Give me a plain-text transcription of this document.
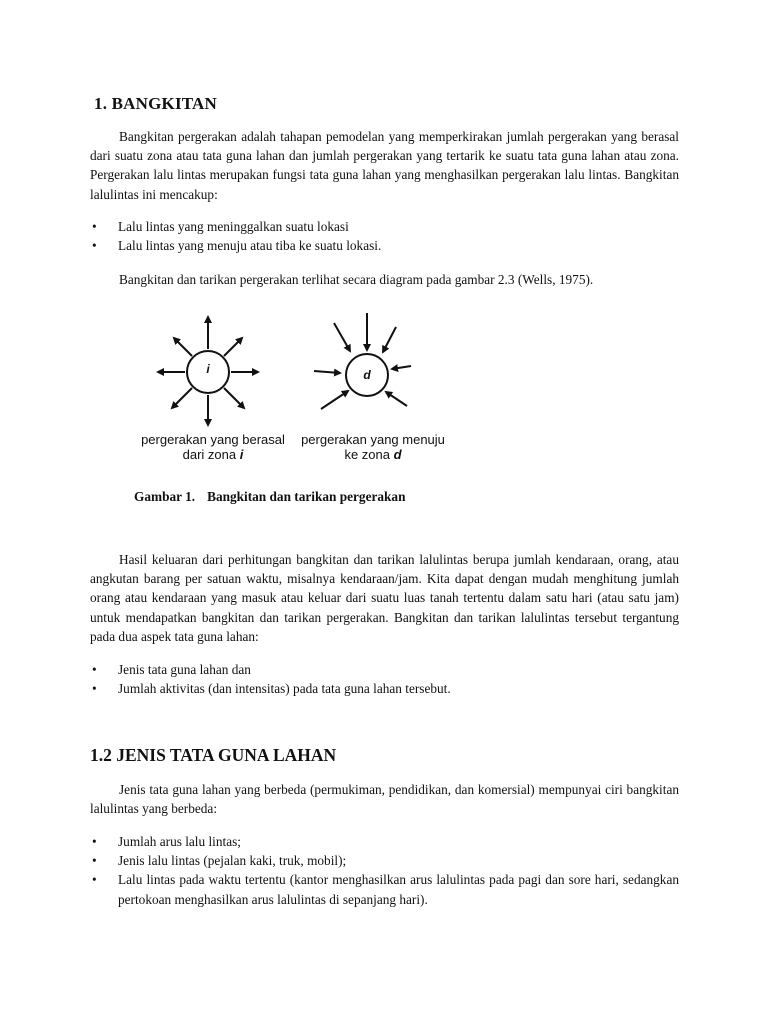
1. BANGKITAN

Bangkitan pergerakan adalah tahapan pemodelan yang memperkirakan jumlah pergerakan yang berasal dari suatu zona atau tata guna lahan dan jumlah pergerakan yang tertarik ke suatu tata guna lahan atau zona. Pergerakan lalu lintas merupakan fungsi tata guna lahan yang menghasilkan pergerakan lalu lintas. Bangkitan lalulintas ini mencakup:

• Lalu lintas yang meninggalkan suatu lokasi
• Lalu lintas yang menuju atau tiba ke suatu lokasi.

Bangkitan dan tarikan pergerakan terlihat secara diagram pada gambar 2.3 (Wells, 1975).

i	d
pergerakan yang berasal
dari zona i
pergerakan yang menuju
ke zona d

Gambar 1. Bangkitan dan tarikan pergerakan

Hasil keluaran dari perhitungan bangkitan dan tarikan lalulintas berupa jumlah kendaraan, orang, atau angkutan barang per satuan waktu, misalnya kendaraan/jam. Kita dapat dengan mudah menghitung jumlah orang atau kendaraan yang masuk atau keluar dari suatu luas tanah tertentu dalam satu hari (atau satu jam) untuk mendapatkan bangkitan dan tarikan pergerakan. Bangkitan dan tarikan lalulintas tersebut tergantung pada dua aspek tata guna lahan:

• Jenis tata guna lahan dan
• Jumlah aktivitas (dan intensitas) pada tata guna lahan tersebut.
1.2 JENIS TATA GUNA LAHAN

Jenis tata guna lahan yang berbeda (permukiman, pendidikan, dan komersial) mempunyai ciri bangkitan lalulintas yang berbeda:

• Jumlah arus lalu lintas;
• Jenis lalu lintas (pejalan kaki, truk, mobil);
• Lalu lintas pada waktu tertentu (kantor menghasilkan arus lalulintas pada pagi dan sore hari, sedangkan pertokoan menghasilkan arus lalulintas di sepanjang hari).
